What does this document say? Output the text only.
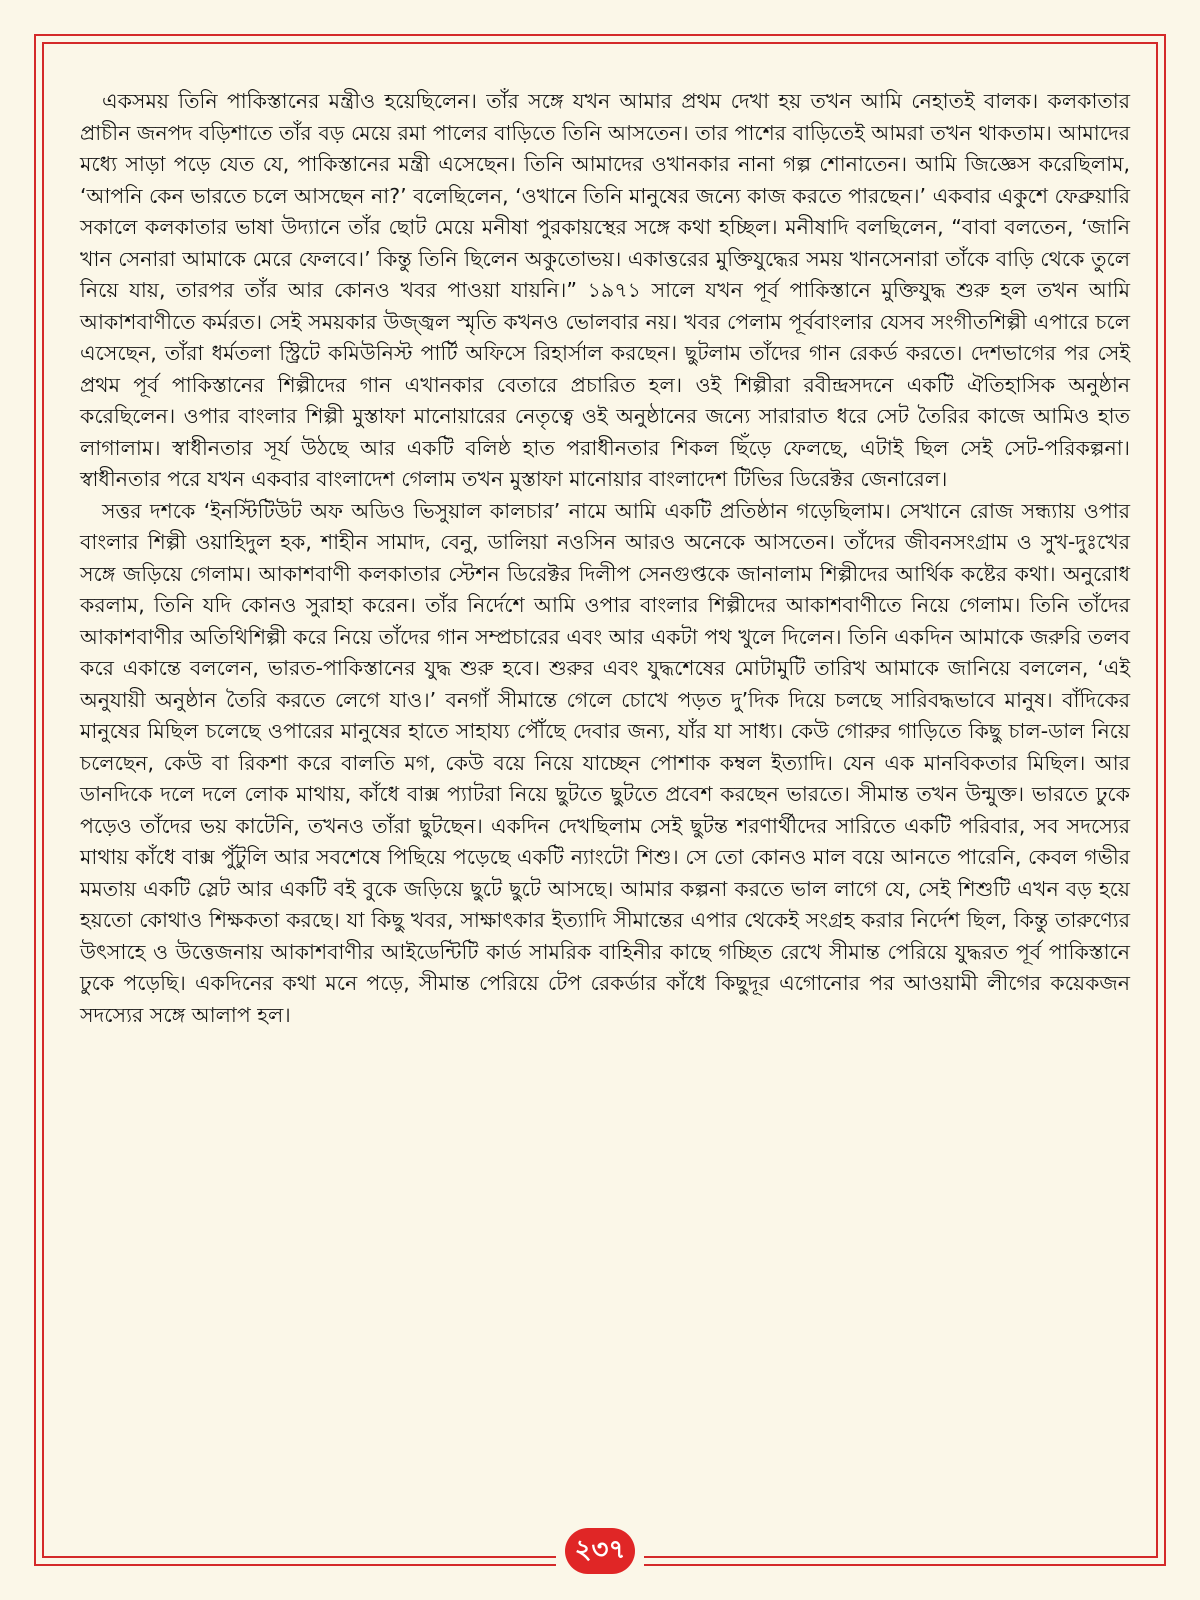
একসময় তিনি পাকিস্তানের মন্ত্রীও হয়েছিলেন। তাঁর সঙ্গে যখন আমার প্রথম দেখা হয় তখন আমি নেহাতই বালক। কলকাতার প্রাচীন জনপদ বড়িশাতে তাঁর বড় মেয়ে রমা পালের বাড়িতে তিনি আসতেন। তার পাশের বাড়িতেই আমরা তখন থাকতাম। আমাদের মধ্যে সাড়া পড়ে যেত যে, পাকিস্তানের মন্ত্রী এসেছেন। তিনি আমাদের ওখানকার নানা গল্প শোনাতেন। আমি জিজ্ঞেস করেছিলাম, ‘আপনি কেন ভারতে চলে আসছেন না?’ বলেছিলেন, ‘ওখানে তিনি মানুষের জন্যে কাজ করতে পারছেন।’ একবার একুশে ফেব্রুয়ারি সকালে কলকাতার ভাষা উদ্যানে তাঁর ছোট মেয়ে মনীষা পুরকায়স্থের সঙ্গে কথা হচ্ছিল। মনীষাদি বলছিলেন, “বাবা বলতেন, ‘জানি খান সেনারা আমাকে মেরে ফেলবে।’ কিন্তু তিনি ছিলেন অকুতোভয়। একাত্তরের মুক্তিযুদ্ধের সময় খানসেনারা তাঁকে বাড়ি থেকে তুলে নিয়ে যায়, তারপর তাঁর আর কোনও খবর পাওয়া যায়নি।” ১৯৭১ সালে যখন পূর্ব পাকিস্তানে মুক্তিযুদ্ধ শুরু হল তখন আমি আকাশবাণীতে কর্মরত। সেই সময়কার উজ্জ্বল স্মৃতি কখনও ভোলবার নয়। খবর পেলাম পূর্ববাংলার যেসব সংগীতশিল্পী এপারে চলে এসেছেন, তাঁরা ধর্মতলা স্ট্রিটে কমিউনিস্ট পার্টি অফিসে রিহার্সাল করছেন। ছুটলাম তাঁদের গান রেকর্ড করতে। দেশভাগের পর সেই প্রথম পূর্ব পাকিস্তানের শিল্পীদের গান এখানকার বেতারে প্রচারিত হল। ওই শিল্পীরা রবীন্দ্রসদনে একটি ঐতিহাসিক অনুষ্ঠান করেছিলেন। ওপার বাংলার শিল্পী মুস্তাফা মানোয়ারের নেতৃত্বে ওই অনুষ্ঠানের জন্যে সারারাত ধরে সেট তৈরির কাজে আমিও হাত লাগালাম। স্বাধীনতার সূর্য উঠছে আর একটি বলিষ্ঠ হাত পরাধীনতার শিকল ছিঁড়ে ফেলছে, এটাই ছিল সেই সেট-পরিকল্পনা। স্বাধীনতার পরে যখন একবার বাংলাদেশ গেলাম তখন মুস্তাফা মানোয়ার বাংলাদেশ টিভির ডিরেক্টর জেনারেল।

সত্তর দশকে ‘ইনস্টিটিউট অফ অডিও ভিসুয়াল কালচার’ নামে আমি একটি প্রতিষ্ঠান গড়েছিলাম। সেখানে রোজ সন্ধ্যায় ওপার বাংলার শিল্পী ওয়াহিদুল হক, শাহীন সামাদ, বেনু, ডালিয়া নওসিন আরও অনেকে আসতেন। তাঁদের জীবনসংগ্রাম ও সুখ-দুঃখের সঙ্গে জড়িয়ে গেলাম। আকাশবাণী কলকাতার স্টেশন ডিরেক্টর দিলীপ সেনগুপ্তকে জানালাম শিল্পীদের আর্থিক কষ্টের কথা। অনুরোধ করলাম, তিনি যদি কোনও সুরাহা করেন। তাঁর নির্দেশে আমি ওপার বাংলার শিল্পীদের আকাশবাণীতে নিয়ে গেলাম। তিনি তাঁদের আকাশবাণীর অতিথিশিল্পী করে নিয়ে তাঁদের গান সম্প্রচারের এবং আর একটা পথ খুলে দিলেন। তিনি একদিন আমাকে জরুরি তলব করে একান্তে বললেন, ভারত-পাকিস্তানের যুদ্ধ শুরু হবে। শুরুর এবং যুদ্ধশেষের মোটামুটি তারিখ আমাকে জানিয়ে বললেন, ‘এই অনুযায়ী অনুষ্ঠান তৈরি করতে লেগে যাও।’ বনগাঁ সীমান্তে গেলে চোখে পড়ত দু’দিক দিয়ে চলছে সারিবদ্ধভাবে মানুষ। বাঁদিকের মানুষের মিছিল চলেছে ওপারের মানুষের হাতে সাহায্য পৌঁছে দেবার জন্য, যাঁর যা সাধ্য। কেউ গোরুর গাড়িতে কিছু চাল-ডাল নিয়ে চলেছেন, কেউ বা রিকশা করে বালতি মগ, কেউ বয়ে নিয়ে যাচ্ছেন পোশাক কম্বল ইত্যাদি। যেন এক মানবিকতার মিছিল। আর ডানদিকে দলে দলে লোক মাথায়, কাঁধে বাক্স প্যাটরা নিয়ে ছুটতে ছুটতে প্রবেশ করছেন ভারতে। সীমান্ত তখন উন্মুক্ত। ভারতে ঢুকে পড়েও তাঁদের ভয় কাটেনি, তখনও তাঁরা ছুটছেন। একদিন দেখছিলাম সেই ছুটন্ত শরণার্থীদের সারিতে একটি পরিবার, সব সদস্যের মাথায় কাঁধে বাক্স পুঁটুলি আর সবশেষে পিছিয়ে পড়েছে একটি ন্যাংটো শিশু। সে তো কোনও মাল বয়ে আনতে পারেনি, কেবল গভীর মমতায় একটি স্লেট আর একটি বই বুকে জড়িয়ে ছুটে ছুটে আসছে। আমার কল্পনা করতে ভাল লাগে যে, সেই শিশুটি এখন বড় হয়ে হয়তো কোথাও শিক্ষকতা করছে। যা কিছু খবর, সাক্ষাৎকার ইত্যাদি সীমান্তের এপার থেকেই সংগ্রহ করার নির্দেশ ছিল, কিন্তু তারুণ্যের উৎসাহে ও উত্তেজনায় আকাশবাণীর আইডেন্টিটি কার্ড সামরিক বাহিনীর কাছে গচ্ছিত রেখে সীমান্ত পেরিয়ে যুদ্ধরত পূর্ব পাকিস্তানে ঢুকে পড়েছি। একদিনের কথা মনে পড়ে, সীমান্ত পেরিয়ে টেপ রেকর্ডার কাঁধে কিছুদূর এগোনোর পর আওয়ামী লীগের কয়েকজন সদস্যের সঙ্গে আলাপ হল।

২৩৭
